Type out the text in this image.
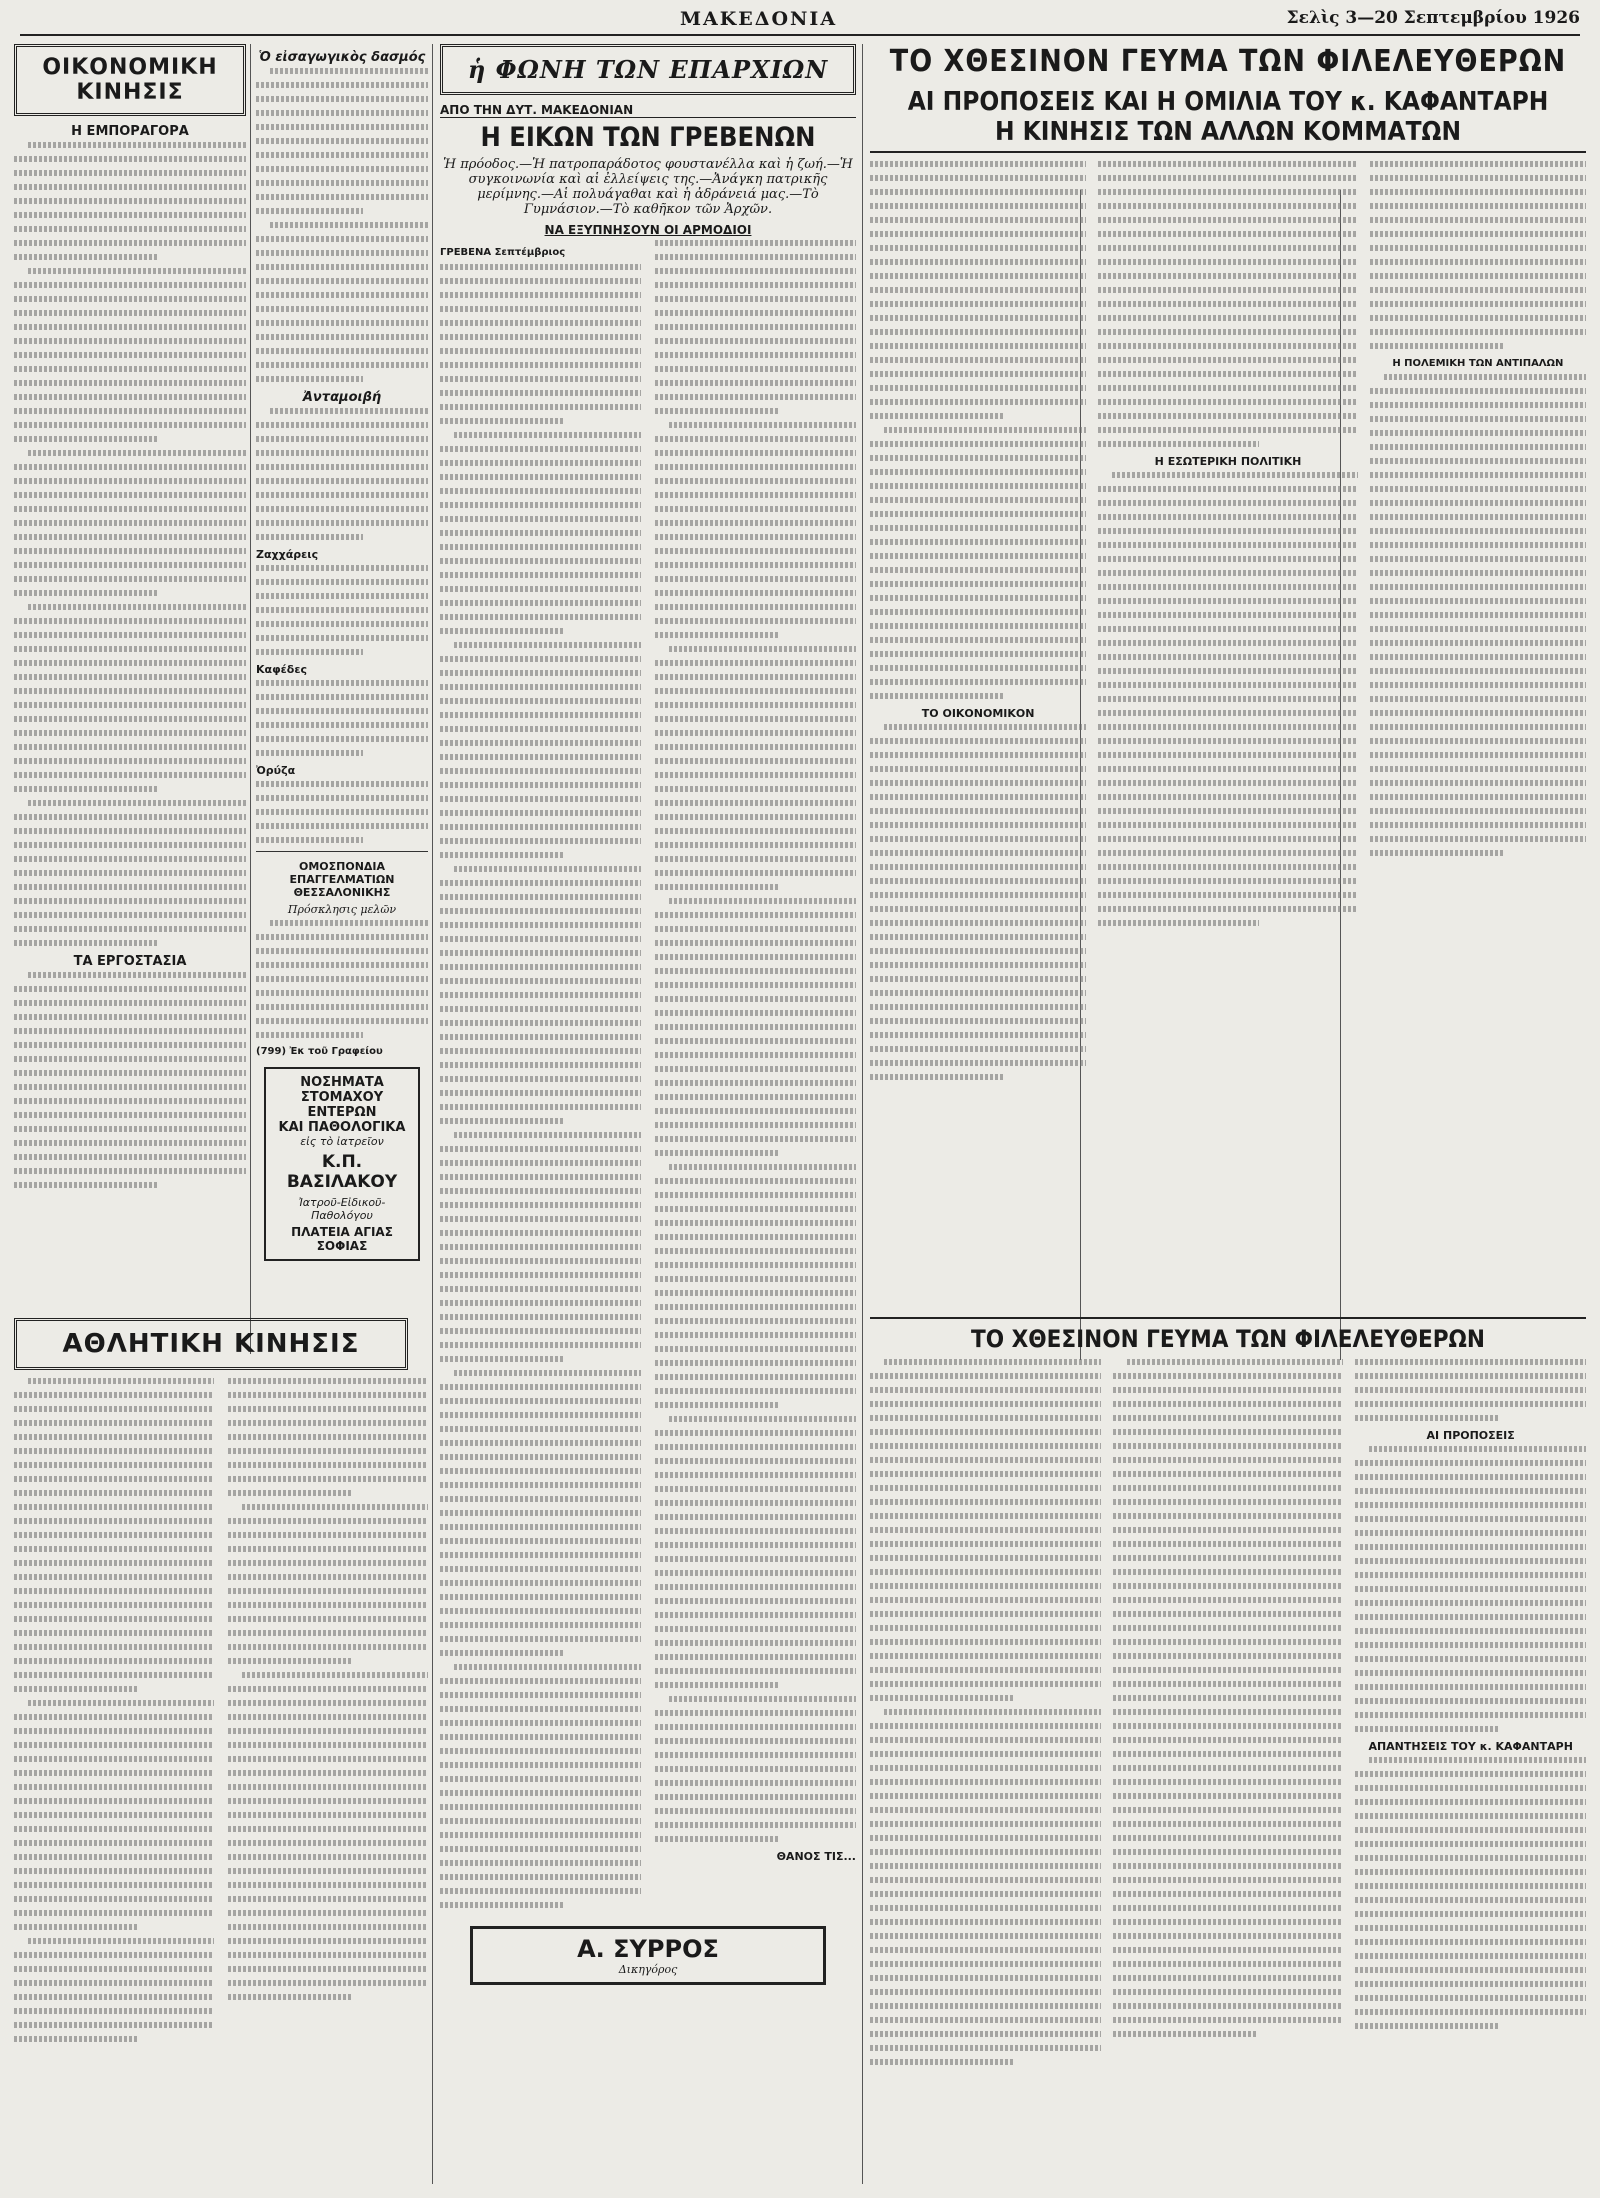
ΜΑΚΕΔΟΝΙΑ	Σελὶς 3—20 Σεπτεμβρίου 1926
ΟΙΚΟΝΟΜΙΚΗ ΚΙΝΗΣΙΣ
Η ΕΜΠΟΡΑΓΟΡΑ
ΤΑ ΕΡΓΟΣΤΑΣΙΑ
ΑΘΛΗΤΙΚΗ ΚΙΝΗΣΙΣ
Ὁ εἰσαγωγικὸς δασμός
Ἀνταμοιβή
Ζαχχάρεις
Καφέδες
Ὀρύζα
ΟΜΟΣΠΟΝΔΙΑ ΕΠΑΓΓΕΛΜΑΤΙΩΝ ΘΕΣΣΑΛΟΝΙΚΗΣ
Πρόσκλησις μελῶν
(799) Ἐκ τοῦ Γραφείου
ΝΟΣΗΜΑΤΑ
ΣΤΟΜΑΧΟΥ ΕΝΤΕΡΩΝ
ΚΑΙ ΠΑΘΟΛΟΓΙΚΑ
εἰς τὸ ἰατρεῖον
Κ.Π. ΒΑΣΙΛΑΚΟΥ
Ἰατροῦ-Εἰδικοῦ-Παθολόγου
ΠΛΑΤΕΙΑ ΑΓΙΑΣ ΣΟΦΙΑΣ
ἡ ΦΩΝΗ ΤΩΝ ΕΠΑΡΧΙΩΝ
ΑΠΟ ΤΗΝ ΔΥΤ. ΜΑΚΕΔΟΝΙΑΝ
Η ΕΙΚΩΝ ΤΩΝ ΓΡΕΒΕΝΩΝ
Ἡ πρόοδος.—Ἡ πατροπαράδοτος φουστανέλλα καὶ ἡ ζωή.—Ἡ συγκοινωνία καὶ αἱ ἐλλείψεις της.—Ἀνάγκη πατρικῆς μερίμνης.—Αἱ πολυάγαθαι καὶ ἡ ἀδράνειά μας.—Τὸ Γυμνάσιον.—Τὸ καθῆκον τῶν Ἀρχῶν.
ΝΑ ΕΞΥΠΝΗΣΟΥΝ ΟΙ ΑΡΜΟΔΙΟΙ
ΓΡΕΒΕΝΑ Σεπτέμβριος
ΘΑΝΟΣ ΤΙΣ...
Α. ΣΥΡΡΟΣ
Δικηγόρος
ΤΟ ΧΘΕΣΙΝΟΝ ΓΕΥΜΑ ΤΩΝ ΦΙΛΕΛΕΥΘΕΡΩΝ
ΑΙ ΠΡΟΠΟΣΕΙΣ ΚΑΙ Η ΟΜΙΛΙΑ ΤΟΥ κ. ΚΑΦΑΝΤΑΡΗ
Η ΚΙΝΗΣΙΣ ΤΩΝ ΑΛΛΩΝ ΚΟΜΜΑΤΩΝ
ΤΟ ΟΙΚΟΝΟΜΙΚΟΝ
Η ΕΣΩΤΕΡΙΚΗ ΠΟΛΙΤΙΚΗ
Η ΠΟΛΕΜΙΚΗ ΤΩΝ ΑΝΤΙΠΑΛΩΝ
ΤΟ ΧΘΕΣΙΝΟΝ ΓΕΥΜΑ ΤΩΝ ΦΙΛΕΛΕΥΘΕΡΩΝ
ΑΙ ΠΡΟΠΟΣΕΙΣ
ΑΠΑΝΤΗΣΕΙΣ ΤΟΥ κ. ΚΑΦΑΝΤΑΡΗ
